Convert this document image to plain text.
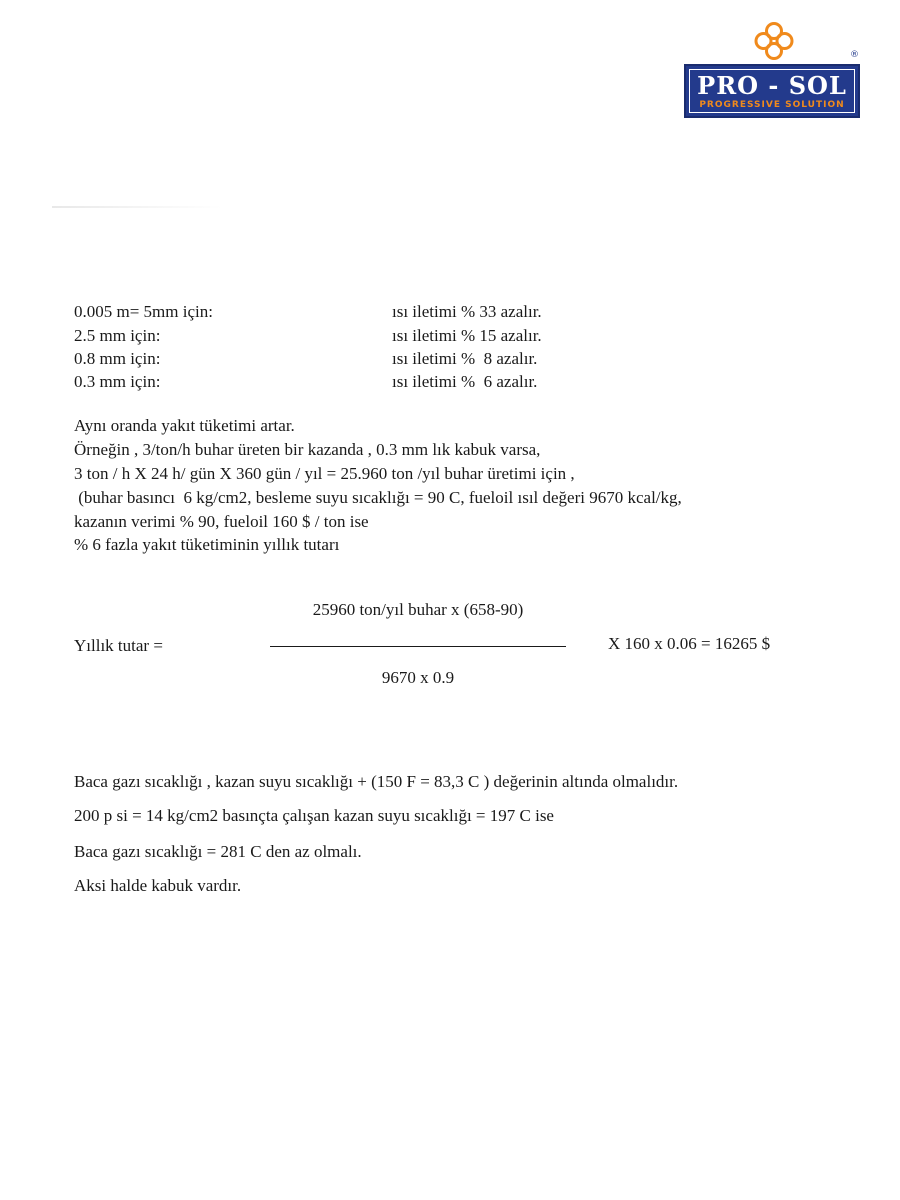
®
PRO - SOL
PROGRESSIVE SOLUTION
0.005 m= 5mm için:	ısı iletimi % 33 azalır.
2.5 mm için:	ısı iletimi % 15 azalır.
0.8 mm için:	ısı iletimi %  8 azalır.
0.3 mm için:	ısı iletimi %  6 azalır.
Aynı oranda yakıt tüketimi artar.
Örneğin , 3/ton/h buhar üreten bir kazanda , 0.3 mm lık kabuk varsa,
3 ton / h X 24 h/ gün X 360 gün / yıl = 25.960 ton /yıl buhar üretimi için ,
(buhar basıncı  6 kg/cm2, besleme suyu sıcaklığı = 90 C, fueloil ısıl değeri 9670 kcal/kg,
kazanın verimi % 90, fueloil 160 $ / ton ise
% 6 fazla yakıt tüketiminin yıllık tutarı
Yıllık tutar =
25960 ton/yıl buhar x (658-90)
9670 x 0.9
X 160 x 0.06 = 16265 $
Baca gazı sıcaklığı , kazan suyu sıcaklığı + (150 F = 83,3 C ) değerinin altında olmalıdır.
200 p si = 14 kg/cm2 basınçta çalışan kazan suyu sıcaklığı = 197 C ise
Baca gazı sıcaklığı = 281 C den az olmalı.
Aksi halde kabuk vardır.
